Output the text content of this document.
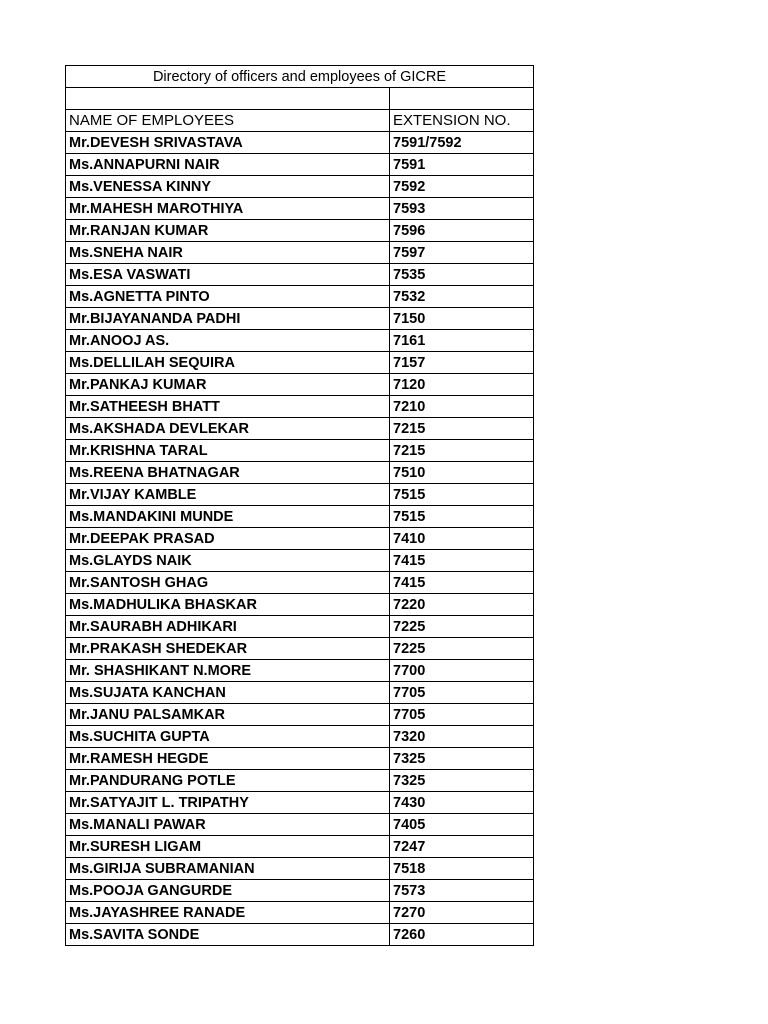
Directory of officers and employees of GICRE	

NAME OF EMPLOYEES	EXTENSION NO.
Mr.DEVESH SRIVASTAVA	7591/7592
Ms.ANNAPURNI NAIR	7591
Ms.VENESSA KINNY	7592
Mr.MAHESH MAROTHIYA	7593
Mr.RANJAN KUMAR	7596
Ms.SNEHA NAIR	7597
Ms.ESA VASWATI	7535
Ms.AGNETTA PINTO	7532
Mr.BIJAYANANDA PADHI	7150
Mr.ANOOJ AS.	7161
Ms.DELLILAH SEQUIRA	7157
Mr.PANKAJ KUMAR	7120
Mr.SATHEESH BHATT	7210
Ms.AKSHADA DEVLEKAR	7215
Mr.KRISHNA TARAL	7215
Ms.REENA BHATNAGAR	7510
Mr.VIJAY KAMBLE	7515
Ms.MANDAKINI MUNDE	7515
Mr.DEEPAK PRASAD	7410
Ms.GLAYDS NAIK	7415
Mr.SANTOSH GHAG	7415
Ms.MADHULIKA BHASKAR	7220
Mr.SAURABH ADHIKARI	7225
Mr.PRAKASH SHEDEKAR	7225
Mr. SHASHIKANT N.MORE	7700
Ms.SUJATA KANCHAN	7705
Mr.JANU PALSAMKAR	7705
Ms.SUCHITA GUPTA	7320
Mr.RAMESH HEGDE	7325
Mr.PANDURANG POTLE	7325
Mr.SATYAJIT L. TRIPATHY	7430
Ms.MANALI PAWAR	7405
Mr.SURESH LIGAM	7247
Ms.GIRIJA SUBRAMANIAN	7518
Ms.POOJA GANGURDE	7573
Ms.JAYASHREE RANADE	7270
Ms.SAVITA SONDE	7260
